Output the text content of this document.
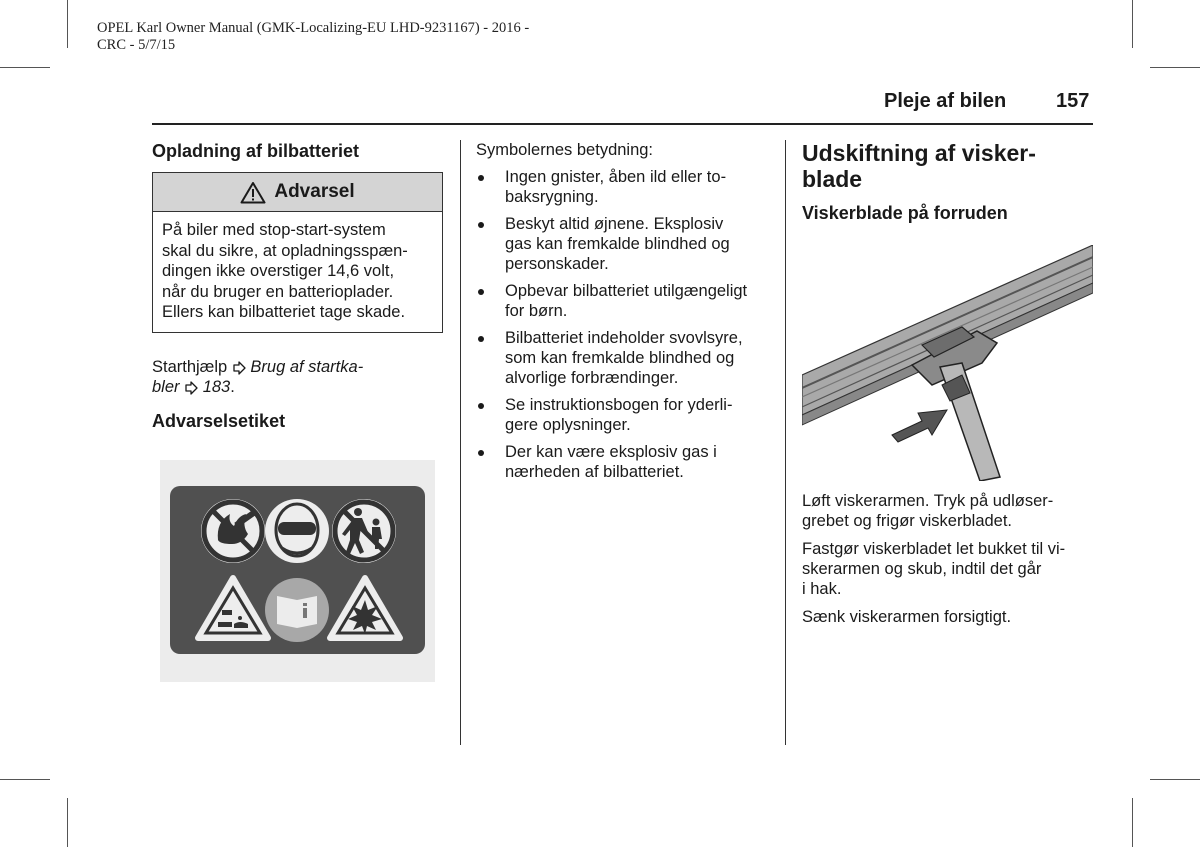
OPEL Karl Owner Manual (GMK-Localizing-EU LHD-9231167) - 2016 -
CRC - 5/7/15
Pleje af bilen 157
Opladning af bilbatteriet
Advarsel
På biler med stop-start-system
skal du sikre, at opladningsspæn-
dingen ikke overstiger 14,6 volt,
når du bruger en batterioplader.
Ellers kan bilbatteriet tage skade.

Starthjælp Brug af startka-

bler 183.

Advarselsetiket

Symbolernes betydning:

Ingen gnister, åben ild eller to-
baksrygning.
Beskyt altid øjnene. Eksplosiv
gas kan fremkalde blindhed og
personskader.
Opbevar bilbatteriet utilgængeligt
for børn.
Bilbatteriet indeholder svovlsyre,
som kan fremkalde blindhed og
alvorlige forbrændinger.
Se instruktionsbogen for yderli-
gere oplysninger.
Der kan være eksplosiv gas i
nærheden af bilbatteriet.
Udskiftning af visker-
blade
Viskerblade på forruden

Løft viskerarmen. Tryk på udløser-
grebet og frigør viskerbladet.

Fastgør viskerbladet let bukket til vi-
skerarmen og skub, indtil det går
i hak.

Sænk viskerarmen forsigtigt.
